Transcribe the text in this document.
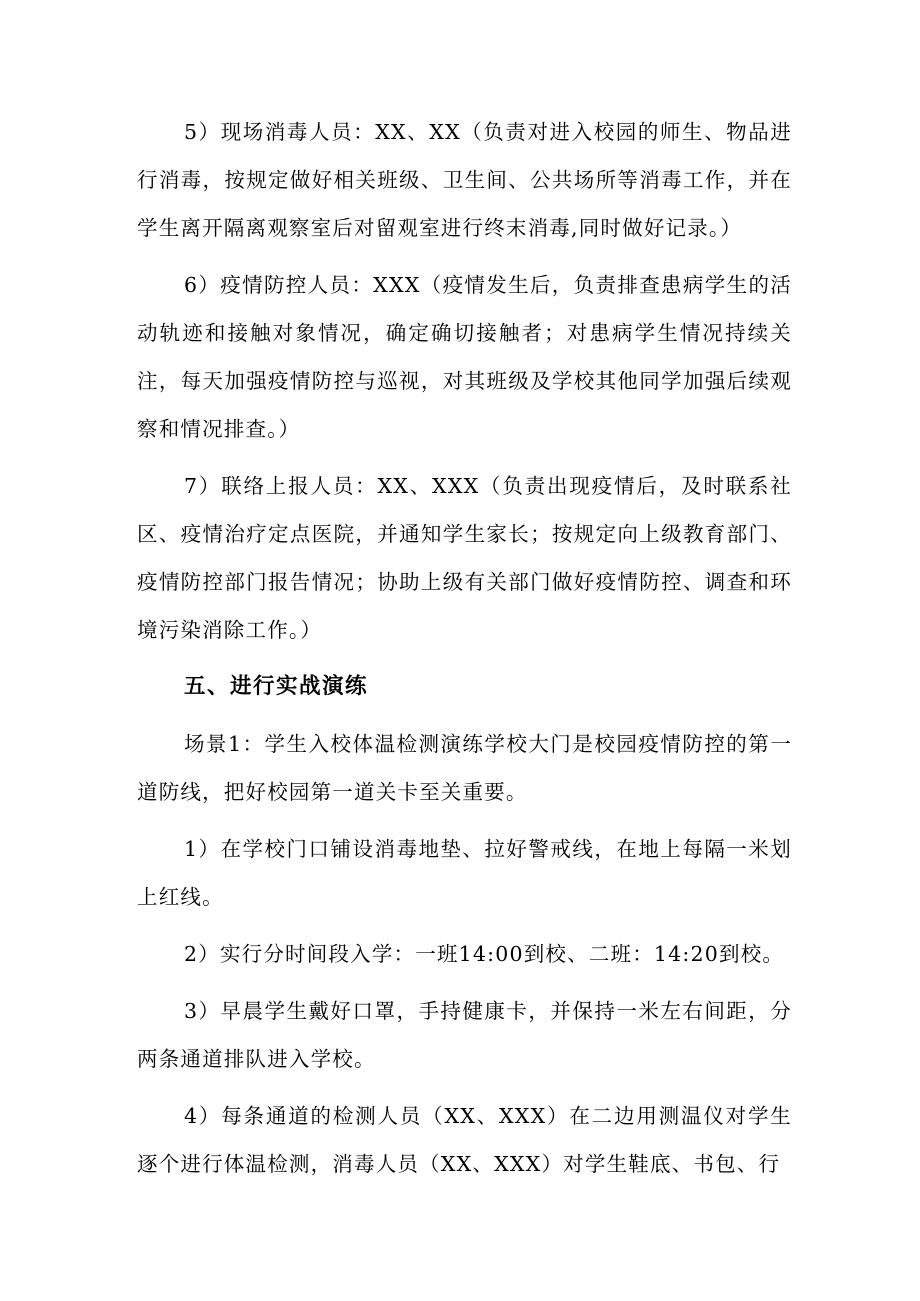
5）现场消毒人员：XX、XX（负责对进入校园的师生、物品进行消毒，按规定做好相关班级、卫生间、公共场所等消毒工作，并在学生离开隔离观察室后对留观室进行终末消毒,同时做好记录。）

6）疫情防控人员：XXX（疫情发生后，负责排查患病学生的活动轨迹和接触对象情况，确定确切接触者；对患病学生情况持续关注，每天加强疫情防控与巡视，对其班级及学校其他同学加强后续观察和情况排查。）

7）联络上报人员：XX、XXX（负责出现疫情后，及时联系社区、疫情治疗定点医院，并通知学生家长；按规定向上级教育部门、疫情防控部门报告情况；协助上级有关部门做好疫情防控、调查和环境污染消除工作。）

五、进行实战演练

场景1：学生入校体温检测演练学校大门是校园疫情防控的第一道防线，把好校园第一道关卡至关重要。

1）在学校门口铺设消毒地垫、拉好警戒线，在地上每隔一米划上红线。

2）实行分时间段入学：一班14:00到校、二班：14:20到校。

3）早晨学生戴好口罩，手持健康卡，并保持一米左右间距，分两条通道排队进入学校。

4）每条通道的检测人员（XX、XXX）在二边用测温仪对学生逐个进行体温检测，消毒人员（XX、XXX）对学生鞋底、书包、行
